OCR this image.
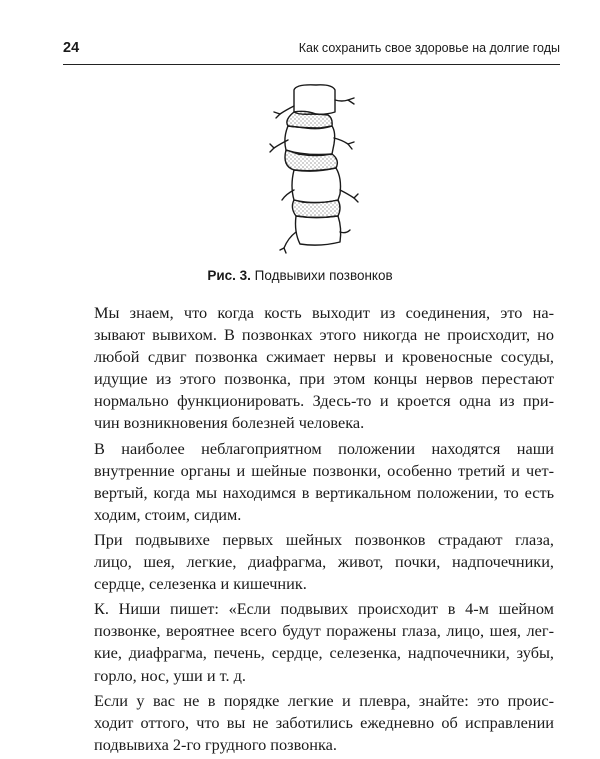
24	Как сохранить свое здоровье на долгие годы
Рис. 3. Подвывихи позвонков

Мы знаем, что когда кость выходит из соединения, это на-
зывают вывихом. В позвонках этого никогда не происходит, но
любой сдвиг позвонка сжимает нервы и кровеносные сосуды,
идущие из этого позвонка, при этом концы нервов перестают
нормально функционировать. Здесь-то и кроется одна из при-
чин возникновения болезней человека.

В наиболее неблагоприятном положении находятся наши
внутренние органы и шейные позвонки, особенно третий и чет-
вертый, когда мы находимся в вертикальном положении, то есть
ходим, стоим, сидим.

При подвывихе первых шейных позвонков страдают глаза,
лицо, шея, легкие, диафрагма, живот, почки, надпочечники,
сердце, селезенка и кишечник.

К. Ниши пишет: «Если подвывих происходит в 4-м шейном
позвонке, вероятнее всего будут поражены глаза, лицо, шея, лег-
кие, диафрагма, печень, сердце, селезенка, надпочечники, зубы,
горло, нос, уши и т. д.

Если у вас не в порядке легкие и плевра, знайте: это проис-
ходит оттого, что вы не заботились ежедневно об исправлении
подвывиха 2-го грудного позвонка.
